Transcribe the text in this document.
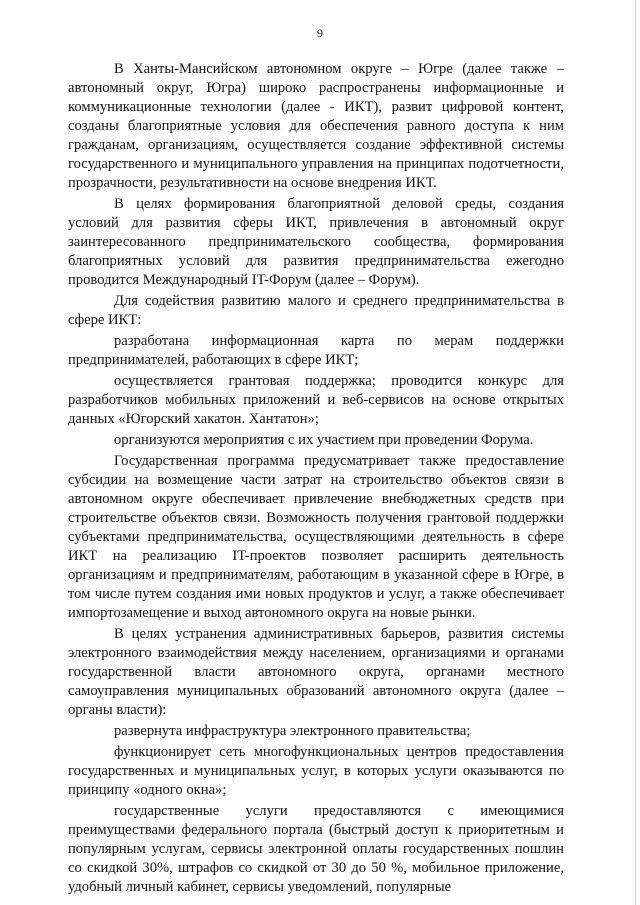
9

В Ханты-Мансийском автономном округе – Югре (далее также – автономный округ, Югра) широко распространены информационные и коммуникационные технологии (далее - ИКТ), развит цифровой контент, созданы благоприятные условия для обеспечения равного доступа к ним гражданам, организациям, осуществляется создание эффективной системы государственного и муниципального управления на принципах подотчетности, прозрачности, результативности на основе внедрения ИКТ.

В целях формирования благоприятной деловой среды, создания условий для развития сферы ИКТ, привлечения в автономный округ заинтересованного предпринимательского сообщества, формирования благоприятных условий для развития предпринимательства ежегодно проводится Международный IT-Форум (далее – Форум).

Для содействия развитию малого и среднего предпринимательства в сфере ИКТ:

разработана информационная карта по мерам поддержки предпринимателей, работающих в сфере ИКТ;

осуществляется грантовая поддержка; проводится конкурс для разработчиков мобильных приложений и веб-сервисов на основе открытых данных «Югорский хакатон. Хантатон»;

организуются мероприятия с их участием при проведении Форума.

Государственная программа предусматривает также предоставление субсидии на возмещение части затрат на строительство объектов связи в автономном округе обеспечивает привлечение внебюджетных средств при строительстве объектов связи. Возможность получения грантовой поддержки субъектами предпринимательства, осуществляющими деятельность в сфере ИКТ на реализацию IT-проектов позволяет расширить деятельность организациям и предпринимателям, работающим в указанной сфере в Югре, в том числе путем создания ими новых продуктов и услуг, а также обеспечивает импортозамещение и выход автономного округа на новые рынки.

В целях устранения административных барьеров, развития системы электронного взаимодействия между населением, организациями и органами государственной власти автономного округа, органами местного самоуправления муниципальных образований автономного округа (далее – органы власти):

развернута инфраструктура электронного правительства;

функционирует сеть многофункциональных центров предоставления государственных и муниципальных услуг, в которых услуги оказываются по принципу «одного окна»;

государственные услуги предоставляются с имеющимися преимуществами федерального портала (быстрый доступ к приоритетным и популярным услугам, сервисы электронной оплаты государственных пошлин со скидкой 30%, штрафов со скидкой от 30 до 50 %, мобильное приложение, удобный личный кабинет, сервисы уведомлений, популярные
